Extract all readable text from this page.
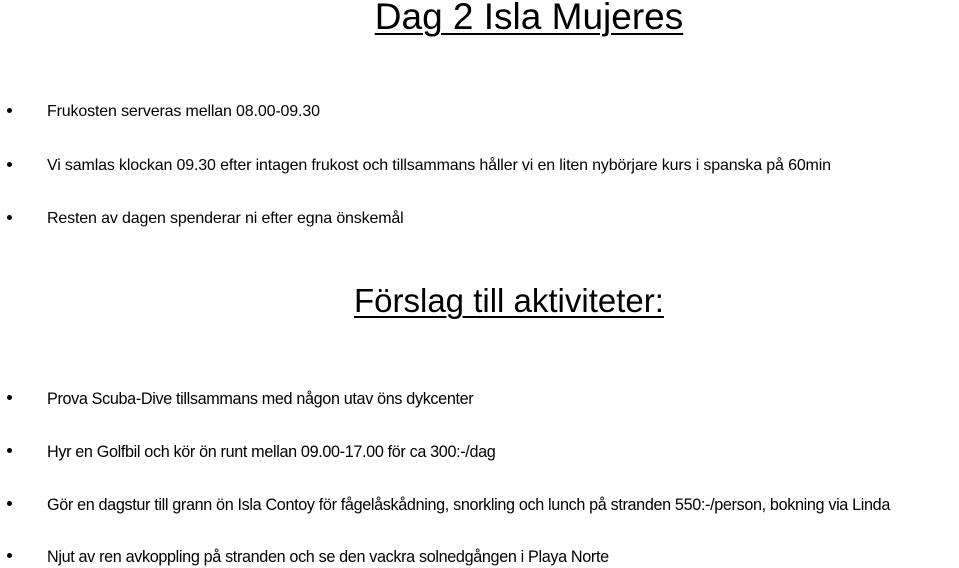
Dag 2 Isla Mujeres
Frukosten serveras mellan 08.00-09.30
Vi samlas klockan 09.30 efter intagen frukost och tillsammans håller vi en liten nybörjare kurs i spanska på 60min
Resten av dagen spenderar ni efter egna önskemål
Förslag till aktiviteter:
Prova Scuba-Dive tillsammans med någon utav öns dykcenter
Hyr en Golfbil och kör ön runt mellan 09.00-17.00 för ca 300:-/dag
Gör en dagstur till grann ön Isla Contoy för fågelåskådning, snorkling och lunch på stranden 550:-/person, bokning via Linda
Njut av ren avkoppling på stranden och se den vackra solnedgången i Playa Norte
